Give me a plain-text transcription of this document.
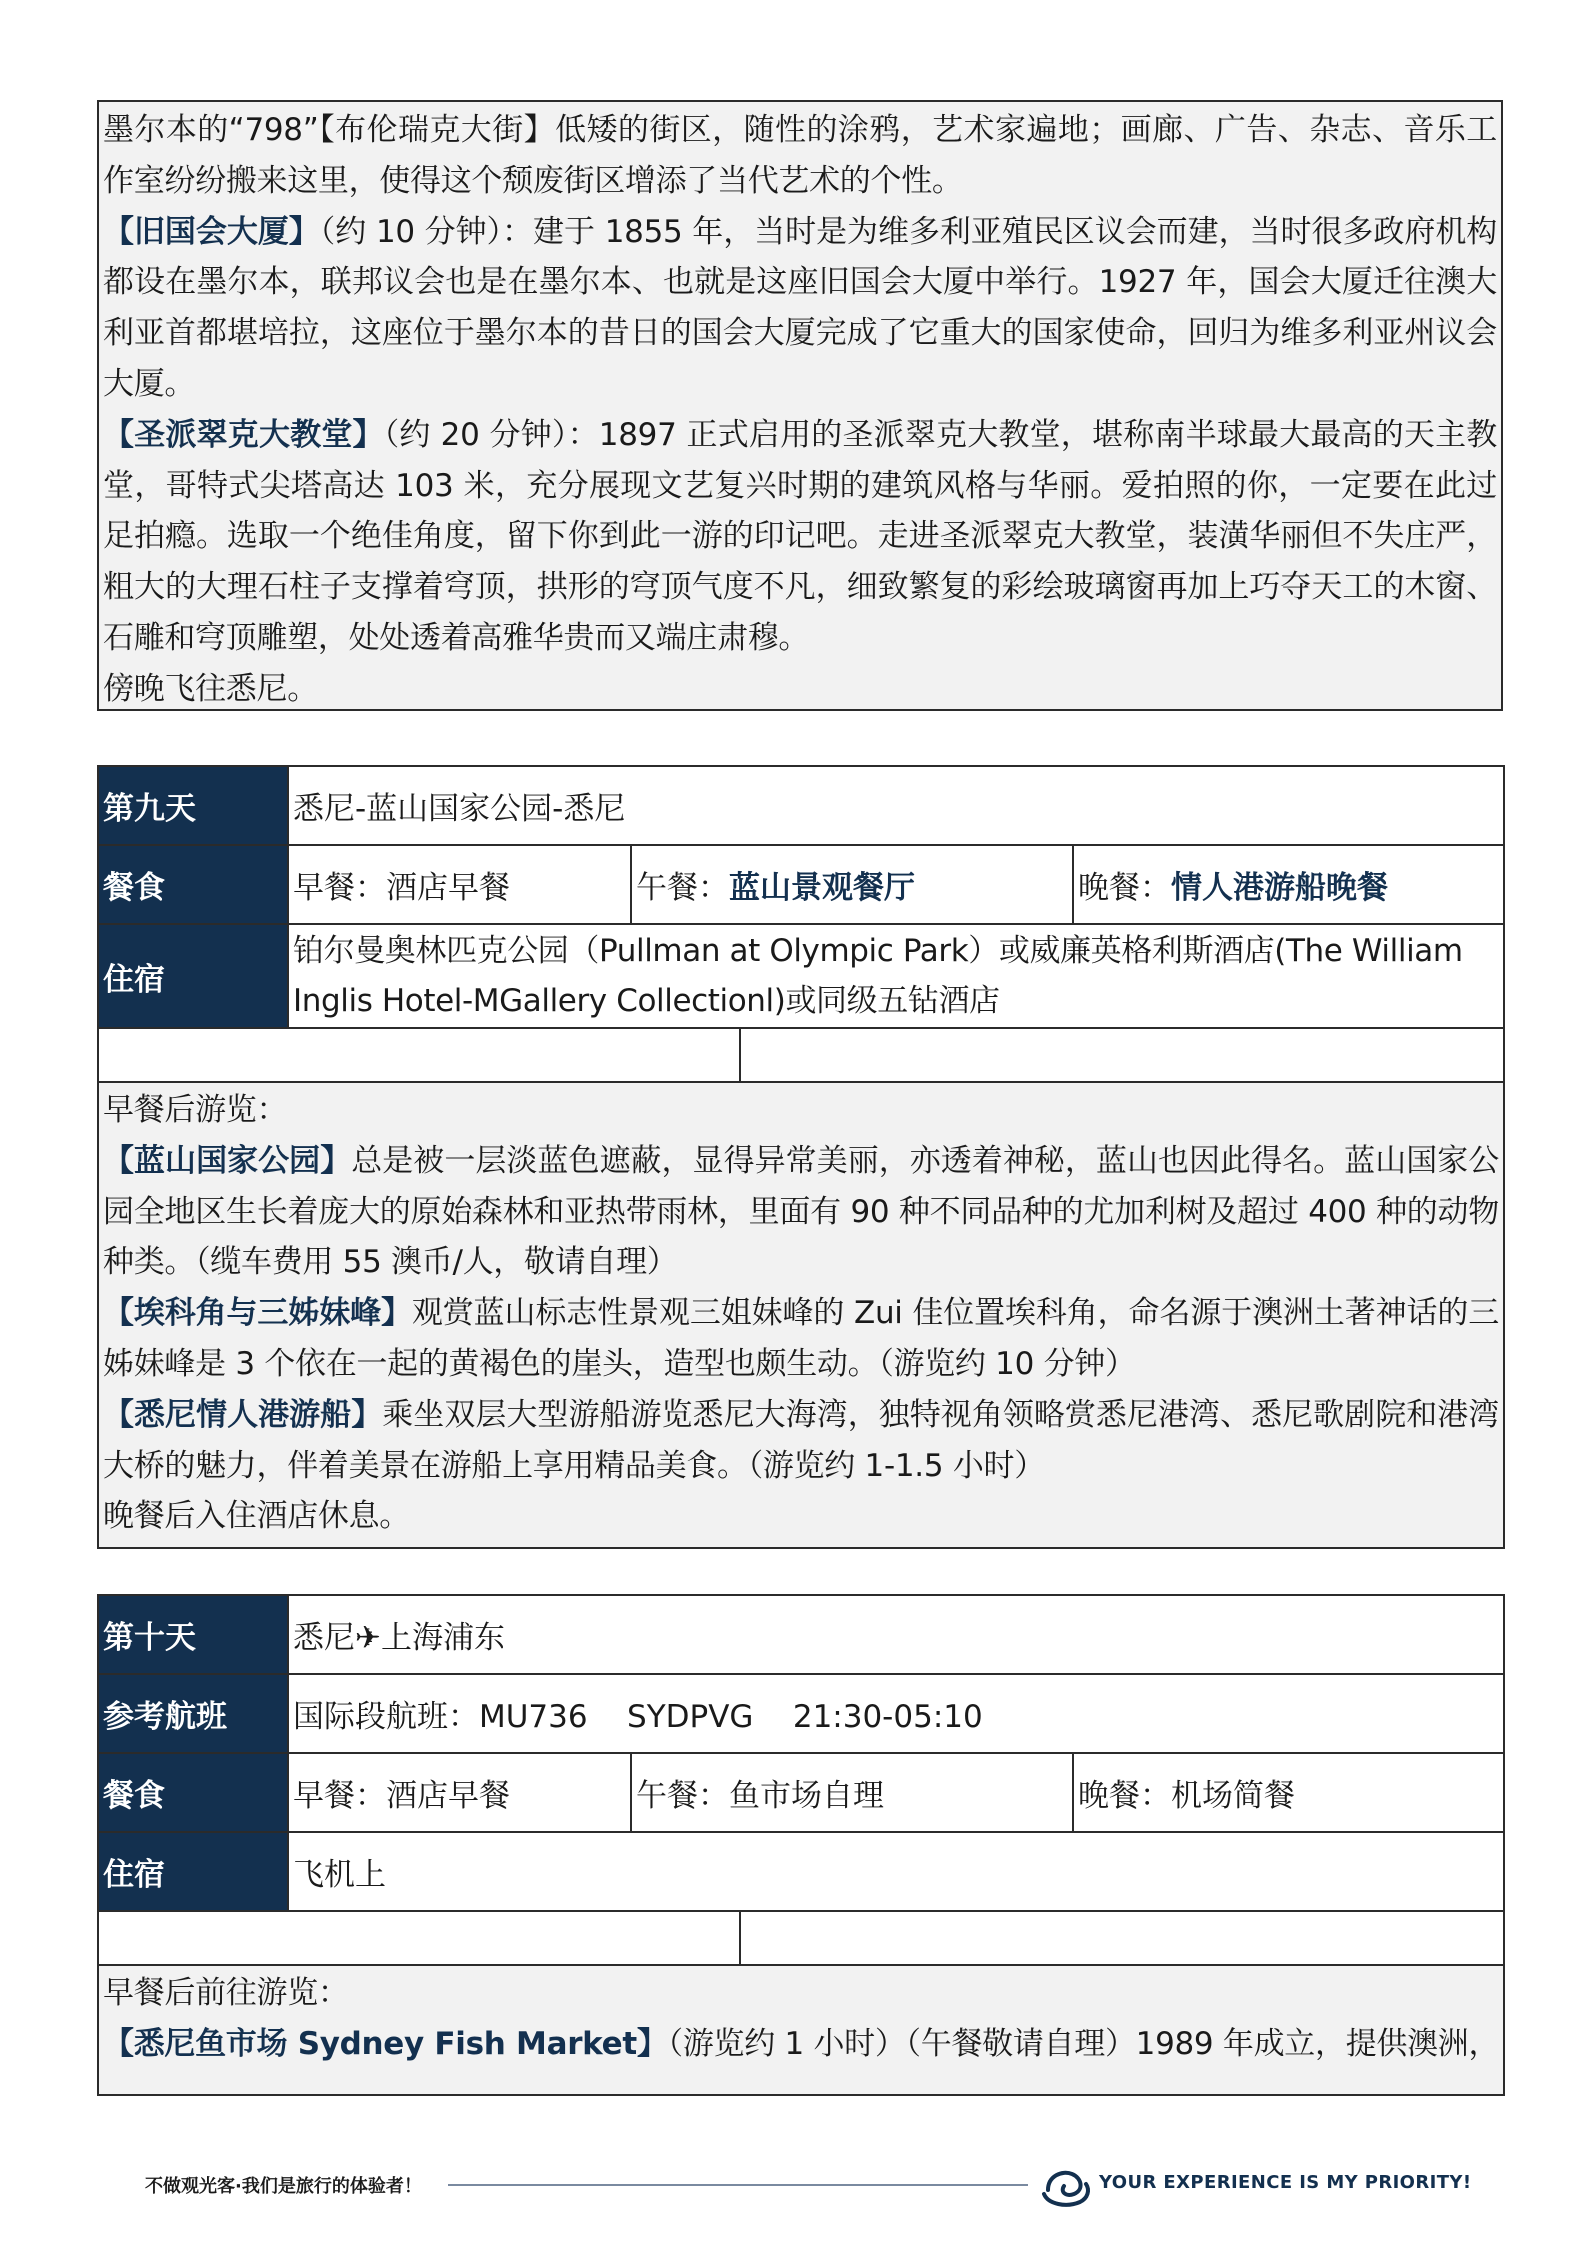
墨尔本的“798”【布伦瑞克大街】低矮的街区，随性的涂鸦，艺术家遍地；画廊、广告、杂志、音乐工作室纷纷搬来这里，使得这个颓废街区增添了当代艺术的个性。

【旧国会大厦】（约 10 分钟）：建于 1855 年，当时是为维多利亚殖民区议会而建，当时很多政府机构都设在墨尔本，联邦议会也是在墨尔本、也就是这座旧国会大厦中举行。1927 年，国会大厦迁往澳大利亚首都堪培拉，这座位于墨尔本的昔日的国会大厦完成了它重大的国家使命，回归为维多利亚州议会大厦。

【圣派翠克大教堂】（约 20 分钟）：1897 正式启用的圣派翠克大教堂，堪称南半球最大最高的天主教堂，哥特式尖塔高达 103 米，充分展现文艺复兴时期的建筑风格与华丽。爱拍照的你，一定要在此过足拍瘾。选取一个绝佳角度，留下你到此一游的印记吧。走进圣派翠克大教堂，装潢华丽但不失庄严，粗大的大理石柱子支撑着穹顶，拱形的穹顶气度不凡，细致繁复的彩绘玻璃窗再加上巧夺天工的木窗、石雕和穹顶雕塑，处处透着高雅华贵而又端庄肃穆。

傍晚飞往悉尼。

第九天	悉尼-蓝山国家公园-悉尼			
餐食	早餐：酒店早餐	午餐：蓝山景观餐厅		晚餐：情人港游船晚餐
住宿	铂尔曼奥林匹克公园（Pullman at Olympic Park）或威廉英格利斯酒店(The William Inglis Hotel-MGallery Collectionl)或同级五钻酒店			

早餐后游览：

【蓝山国家公园】总是被一层淡蓝色遮蔽，显得异常美丽，亦透着神秘，蓝山也因此得名。蓝山国家公园全地区生长着庞大的原始森林和亚热带雨林，里面有 90 种不同品种的尤加利树及超过 400 种的动物种类。（缆车费用 55 澳币/人，敬请自理）

【埃科角与三姊妹峰】观赏蓝山标志性景观三姐妹峰的 Zui 佳位置埃科角，命名源于澳洲土著神话的三姊妹峰是 3 个依在一起的黄褐色的崖头，造型也颇生动。（游览约 10 分钟）

【悉尼情人港游船】乘坐双层大型游船游览悉尼大海湾，独特视角领略赏悉尼港湾、悉尼歌剧院和港湾大桥的魅力，伴着美景在游船上享用精品美食。（游览约 1-1.5 小时）

晚餐后入住酒店休息。				

第十天	悉尼✈上海浦东			
参考航班	国际段航班：MU736    SYDPVG    21:30-05:10			
餐食	早餐：酒店早餐	午餐：鱼市场自理		晚餐：机场简餐
住宿	飞机上			

早餐后前往游览：

【悉尼鱼市场 Sydney Fish Market】（游览约 1 小时）（午餐敬请自理）1989 年成立，提供澳洲，				

不做观光客·我们是旅行的体验者！	YOUR EXPERIENCE IS MY PRIORITY!
